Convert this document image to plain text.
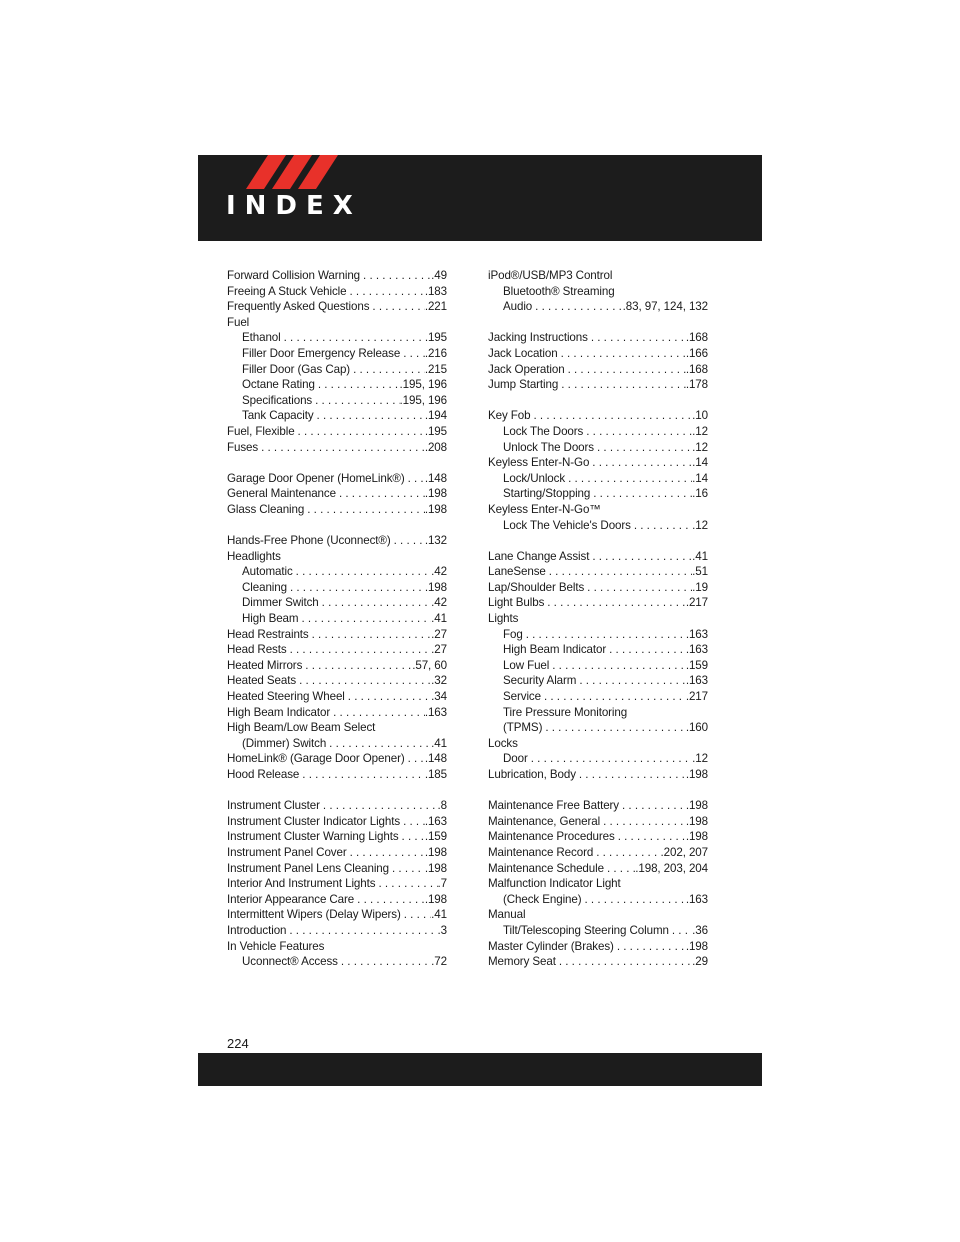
INDEX
Forward Collision Warning .....	.49
Freeing A Stuck Vehicle .....	.183
Frequently Asked Questions .....	.221
Fuel
Ethanol .....	.195
Filler Door Emergency Release ..... .216
Filler Door (Gas Cap) .....	.215
Octane Rating .....	.195, 196
Specifications .....	.195, 196
Tank Capacity .....	.194
Fuel, Flexible .....	.195
Fuses .....	.208
Garage Door Opener (HomeLink®) ..... .148
General Maintenance .....	.198
Glass Cleaning .....	.198
Hands-Free Phone (Uconnect®) .....	.132
Headlights
Automatic .....	.42
Cleaning .....	.198
Dimmer Switch .....	.42
High Beam .....	.41
Head Restraints .....	.27
Head Rests .....	.27
Heated Mirrors .....	.57, 60
Heated Seats .....	.32
Heated Steering Wheel .....	.34
High Beam Indicator .....	.163
High Beam/Low Beam Select
(Dimmer) Switch .....	.41
HomeLink® (Garage Door Opener) ..... .148
Hood Release .....	.185
Instrument Cluster .....	.8
Instrument Cluster Indicator Lights ..... .163
Instrument Cluster Warning Lights ..... .159
Instrument Panel Cover .....	.198
Instrument Panel Lens Cleaning .....	.198
Interior And Instrument Lights .....	.7
Interior Appearance Care .....	.198
Intermittent Wipers (Delay Wipers) .....	.41
Introduction .....	.3
In Vehicle Features
Uconnect® Access .....	.72
iPod®/USB/MP3 Control
Bluetooth® Streaming
Audio .....	.83, 97, 124, 132
Jacking Instructions .....	.168
Jack Location .....	.166
Jack Operation .....	.168
Jump Starting .....	.178
Key Fob .....	.10
Lock The Doors .....	.12
Unlock The Doors .....	.12
Keyless Enter-N-Go .....	.14
Lock/Unlock .....	.14
Starting/Stopping .....	.16
Keyless Enter-N-Go™
Lock The Vehicle's Doors .....	.12
Lane Change Assist .....	.41
LaneSense .....	.51
Lap/Shoulder Belts .....	.19
Light Bulbs .....	.217
Lights
Fog .....	.163
High Beam Indicator .....	.163
Low Fuel .....	.159
Security Alarm .....	.163
Service .....	.217
Tire Pressure Monitoring
(TPMS) .....	.160
Locks
Door .....	.12
Lubrication, Body .....	.198
Maintenance Free Battery .....	.198
Maintenance, General .....	.198
Maintenance Procedures .....	.198
Maintenance Record .....	.202, 207
Maintenance Schedule .....	.198, 203, 204
Malfunction Indicator Light
(Check Engine) .....	.163
Manual
Tilt/Telescoping Steering Column ..... .36
Master Cylinder (Brakes) .....	.198
Memory Seat .....	.29
224
